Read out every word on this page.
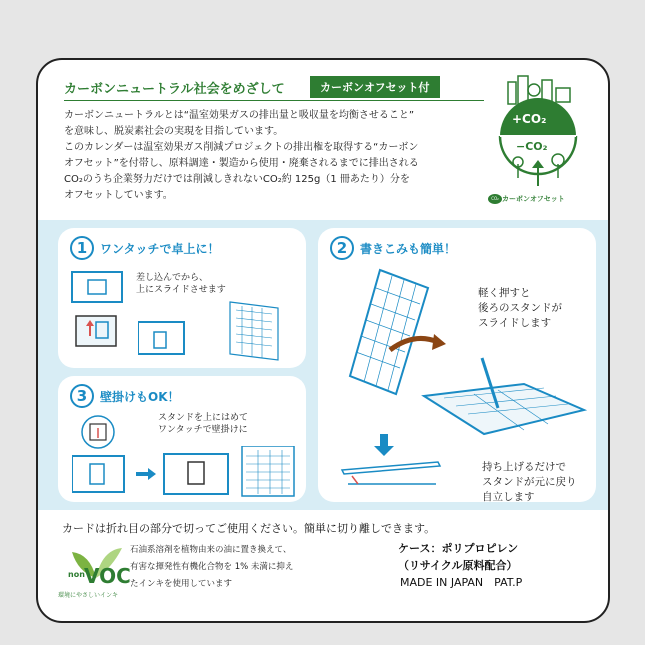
カーボンニュートラル社会をめざして	カーボンオフセット付

カーボンニュートラルとは“温室効果ガスの排出量と吸収量を均衡させること”

を意味し、脱炭素社会の実現を目指しています。

このカレンダーは温室効果ガス削減プロジェクトの排出権を取得する“カーボン

オフセット”を付帯し、原料調達・製造から使用・廃棄されるまでに排出される

CO₂のうち企業努力だけでは削減しきれないCO₂約 125g（1 冊あたり）分を

オフセットしています。

+CO₂
−CO₂
CO₂ カーボンオフセット
1	ワンタッチで卓上に！
差し込んでから、
上にスライドさせます
2	書きこみも簡単！
軽く押すと
後ろのスタンドが
スライドします
持ち上げるだけで
スタンドが元に戻り
自立します
3	壁掛けもOK！
スタンドを上にはめて
ワンタッチで壁掛けに
カードは折れ目の部分で切ってご使用ください。簡単に切り離しできます。
non VOC
環境にやさしいインキ
石油系溶剤を植物由来の油に置き換えて、
有害な揮発性有機化合物を 1% 未満に抑え
たインキを使用しています
ケース：ポリプロピレン
（リサイクル原料配合）
MADE IN JAPAN　PAT.P
